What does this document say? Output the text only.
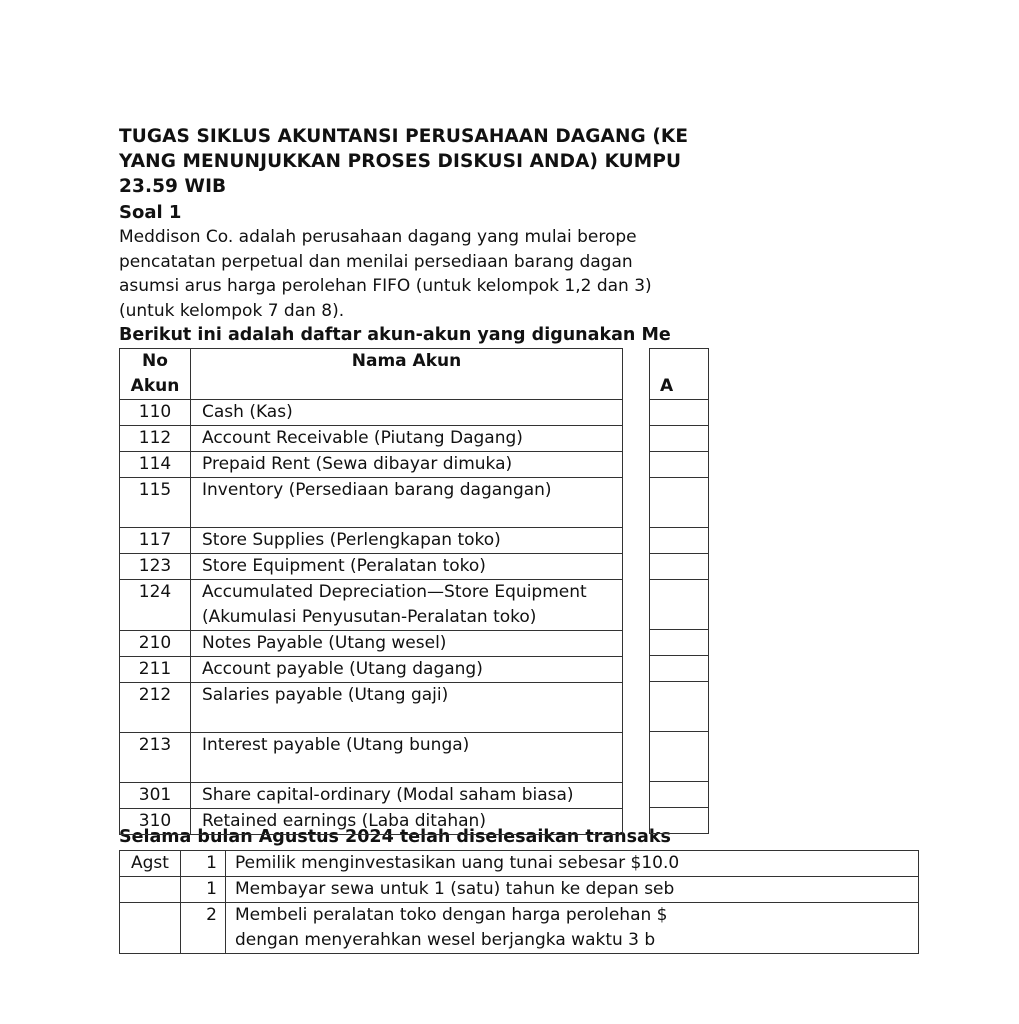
TUGAS SIKLUS AKUNTANSI PERUSAHAAN DAGANG (KE
YANG MENUNJUKKAN PROSES DISKUSI ANDA) KUMPU
23.59 WIB
Soal 1
Meddison Co. adalah perusahaan dagang yang mulai berope
pencatatan perpetual dan menilai persediaan barang dagan
asumsi arus harga perolehan FIFO (untuk kelompok 1,2 dan 3)
(untuk kelompok 7 dan 8).
Berikut ini adalah daftar akun-akun yang digunakan Me
No Akun	Nama Akun
110	Cash (Kas)

112	Account Receivable (Piutang Dagang)

114	Prepaid Rent (Sewa dibayar dimuka)

115	Inventory (Persediaan barang dagangan)

117	Store Supplies (Perlengkapan toko)

123	Store Equipment (Peralatan toko)

124	Accumulated Depreciation—Store Equipment
(Akumulasi Penyusutan-Peralatan toko)

210	Notes Payable (Utang wesel)

211	Account payable (Utang dagang)

212	Salaries payable (Utang gaji)

213	Interest payable (Utang bunga)

301	Share capital-ordinary (Modal saham biasa)

310	Retained earnings (Laba ditahan)
A

Selama bulan Agustus 2024 telah diselesaikan transaks
Agst	1	Pemilik menginvestasikan uang tunai sebesar $10.0

	1	Membayar sewa untuk 1 (satu) tahun ke depan seb

	2	Membeli peralatan toko dengan harga perolehan $
dengan menyerahkan wesel berjangka waktu 3 b
